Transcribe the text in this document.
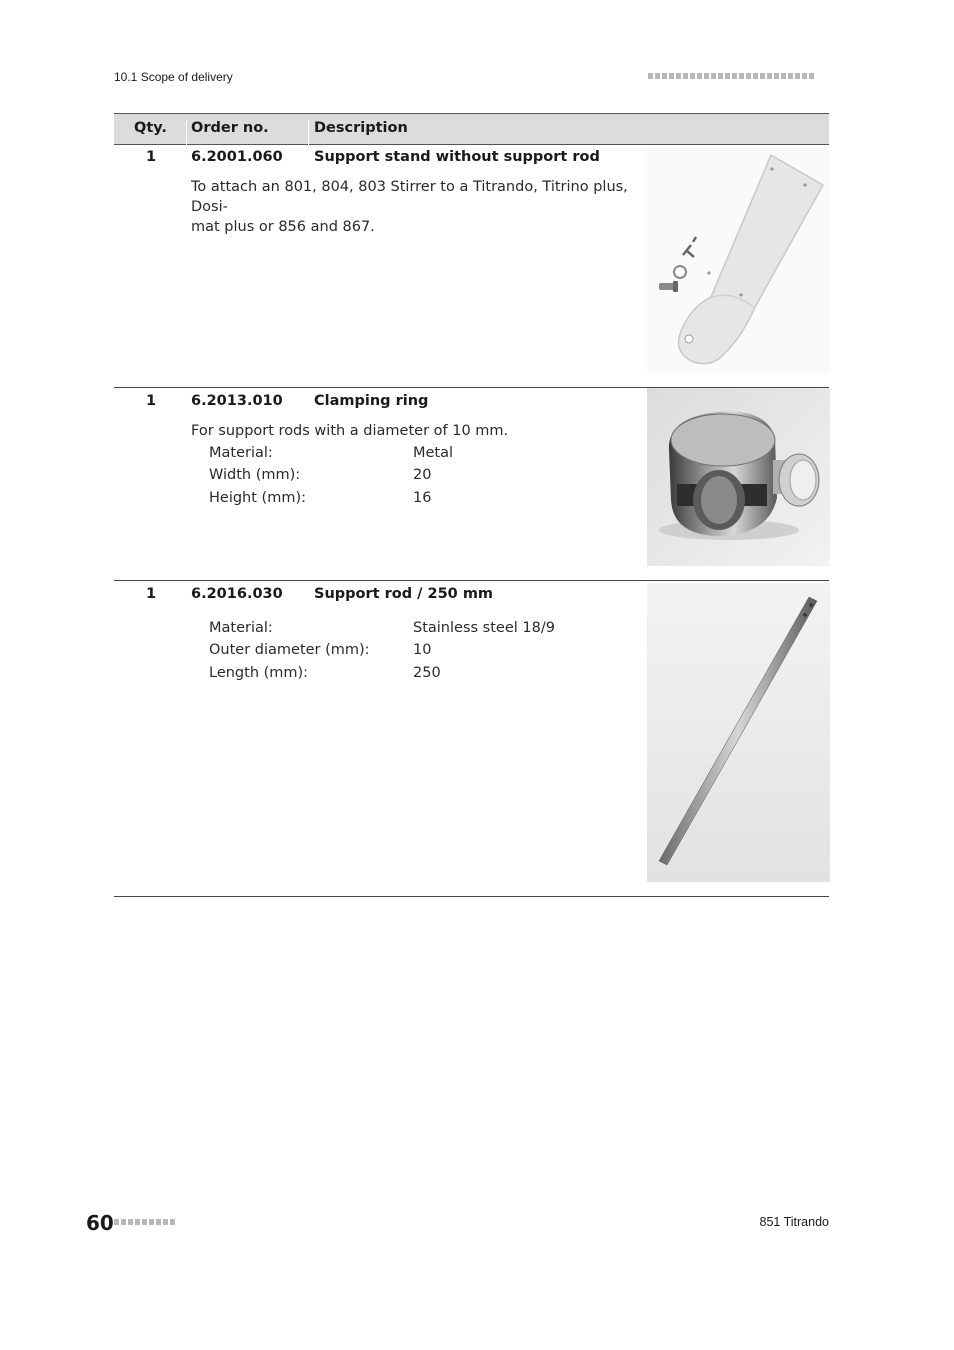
10.1 Scope of delivery
Qty. Order no.	Description
1 6.2001.060 Support stand without support rod
To attach an 801, 804, 803 Stirrer to a Titrando, Titrino plus, Dosi-
mat plus or 856 and 867.
1 6.2013.010 Clamping ring
For support rods with a diameter of 10 mm.
Material:	Metal
Width (mm):	20
Height (mm):	16
1 6.2016.030 Support rod / 250 mm
Material:	Stainless steel 18/9
Outer diameter (mm):	10
Length (mm):	250
60	851 Titrando
